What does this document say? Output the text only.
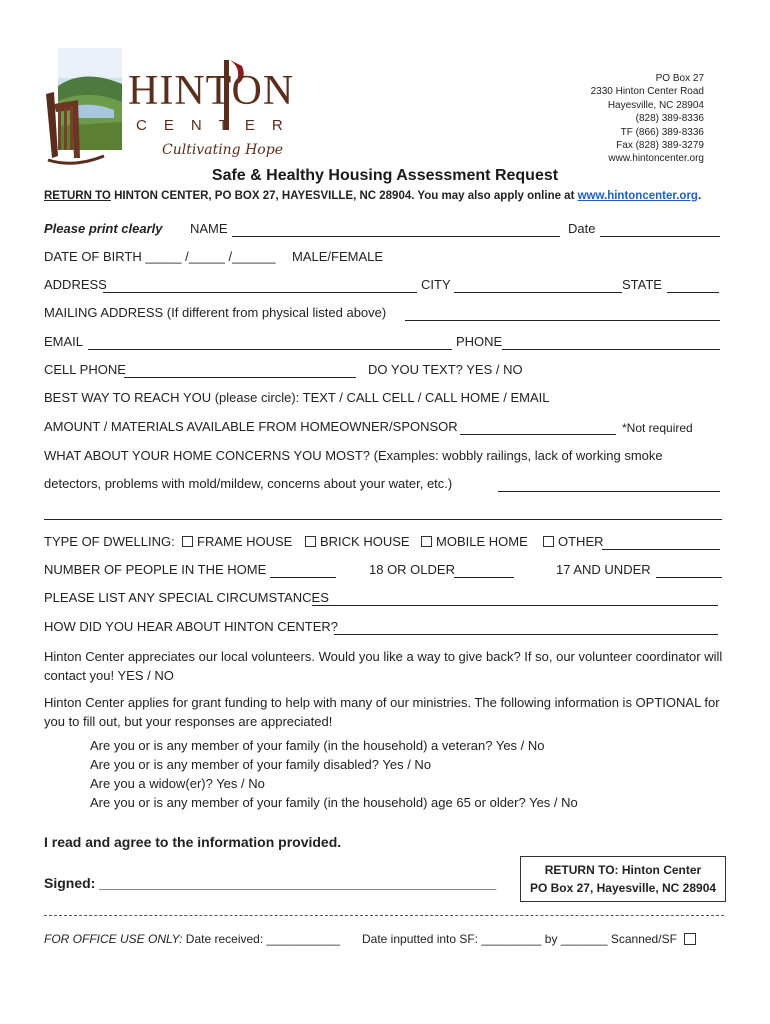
HINTON
CENTER
Cultivating Hope
PO Box 27
2330 Hinton Center Road
Hayesville, NC 28904
(828) 389-8336
TF (866) 389-8336
Fax (828) 389-3279
www.hintoncenter.org
Safe & Healthy Housing Assessment Request
RETURN TO HINTON CENTER, PO BOX 27, HAYESVILLE, NC 28904. You may also apply online at www.hintoncenter.org.
Please print clearly NAME	Date
DATE OF BIRTH _____ /_____ /______ MALE/FEMALE
ADDRESS	CITY	STATE
MAILING ADDRESS (If different from physical listed above)
EMAIL	PHONE
CELL PHONE	DO YOU TEXT? YES / NO
BEST WAY TO REACH YOU (please circle): TEXT / CALL CELL / CALL HOME / EMAIL
AMOUNT / MATERIALS AVAILABLE FROM HOMEOWNER/SPONSOR	*Not required
WHAT ABOUT YOUR HOME CONCERNS YOU MOST? (Examples: wobbly railings, lack of working smoke
detectors, problems with mold/mildew, concerns about your water, etc.)
TYPE OF DWELLING:	FRAME HOUSE	BRICK HOUSE	MOBILE HOME	OTHER
NUMBER OF PEOPLE IN THE HOME	18 OR OLDER	17 AND UNDER
PLEASE LIST ANY SPECIAL CIRCUMSTANCES
HOW DID YOU HEAR ABOUT HINTON CENTER?
Hinton Center appreciates our local volunteers. Would you like a way to give back? If so, our volunteer coordinator will contact you! YES / NO
Hinton Center applies for grant funding to help with many of our ministries. The following information is OPTIONAL for you to fill out, but your responses are appreciated!
Are you or is any member of your family (in the household) a veteran? Yes / No
Are you or is any member of your family disabled? Yes / No
Are you a widow(er)? Yes / No
Are you or is any member of your family (in the household) age 65 or older? Yes / No
I read and agree to the information provided.
Signed: ___________________________________________________
RETURN TO: Hinton Center
PO Box 27, Hayesville, NC 28904
FOR OFFICE USE ONLY: Date received: ___________ Date inputted into SF: _________ by _______ Scanned/SF
